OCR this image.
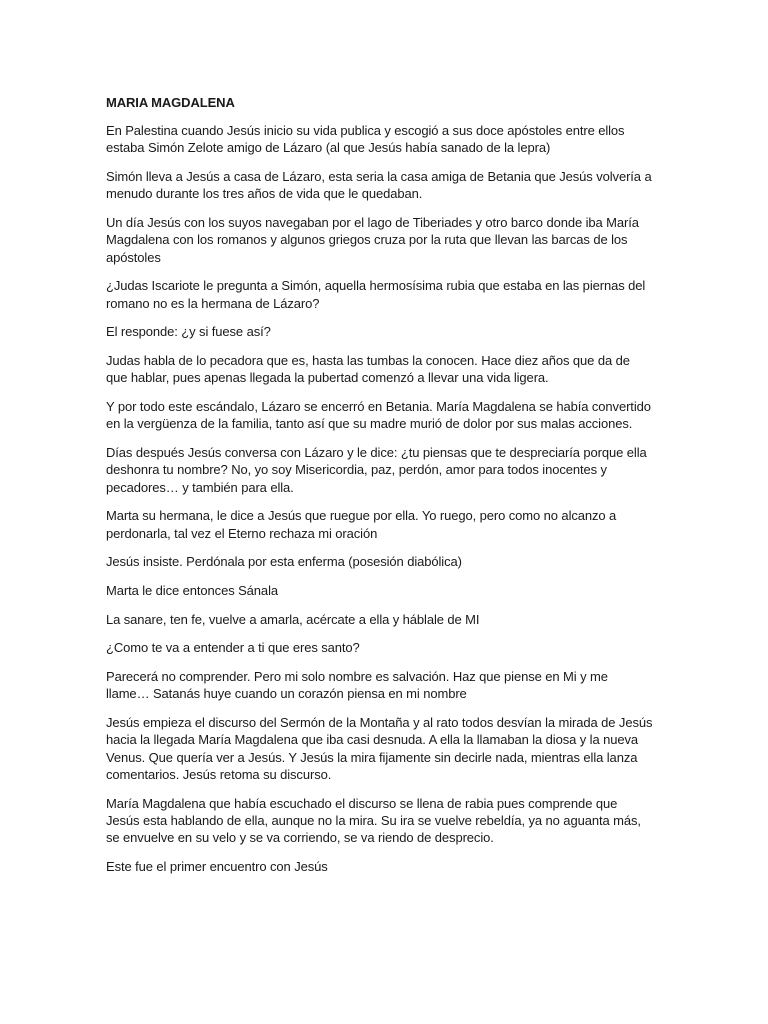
MARIA MAGDALENA
En Palestina cuando Jesús inicio su vida publica y escogió a sus doce apóstoles entre ellos estaba Simón Zelote amigo de Lázaro (al que Jesús había sanado de la lepra)
Simón lleva a Jesús a casa de Lázaro, esta seria la casa amiga de Betania que Jesús volvería a menudo durante los tres años de vida que le quedaban.
Un día Jesús con los suyos navegaban por el lago de Tiberiades y otro barco donde iba María Magdalena con los romanos y algunos griegos cruza por la ruta que llevan las barcas de los apóstoles
¿Judas Iscariote le pregunta a Simón, aquella hermosísima rubia que estaba en las piernas del romano no es la hermana de Lázaro?
El responde: ¿y si fuese así?
Judas habla de lo pecadora que es, hasta las tumbas la conocen. Hace diez años que da de que hablar, pues apenas llegada la pubertad comenzó a llevar una vida ligera.
Y por todo este escándalo, Lázaro se encerró en Betania. María Magdalena se había convertido en la vergüenza de la familia, tanto así que su madre murió de dolor por sus malas acciones.
Días después Jesús conversa con Lázaro y le dice: ¿tu piensas que te despreciaría porque ella deshonra tu nombre? No, yo soy Misericordia, paz, perdón, amor para todos inocentes y pecadores… y también para ella.
Marta su hermana, le dice a Jesús que ruegue por ella. Yo ruego, pero como no alcanzo a perdonarla, tal vez el Eterno rechaza mi oración
Jesús insiste. Perdónala por esta enferma (posesión diabólica)
Marta le dice entonces Sánala
La sanare, ten fe, vuelve a amarla, acércate a ella y háblale de MI
¿Como te va a entender a ti que eres santo?
Parecerá no comprender. Pero mi solo nombre es salvación. Haz que piense en Mi y me llame… Satanás huye cuando un corazón piensa en mi nombre
Jesús empieza el discurso del Sermón de la Montaña y al rato todos desvían la mirada de Jesús hacia la llegada María Magdalena que iba casi desnuda. A ella la llamaban la diosa y la nueva Venus. Que quería ver a Jesús. Y Jesús la mira fijamente sin decirle nada, mientras ella lanza comentarios. Jesús retoma su discurso.
María Magdalena que había escuchado el discurso se llena de rabia pues comprende que Jesús esta hablando de ella, aunque no la mira. Su ira se vuelve rebeldía, ya no aguanta más, se envuelve en su velo y se va corriendo, se va riendo de desprecio.
Este fue el primer encuentro con Jesús
